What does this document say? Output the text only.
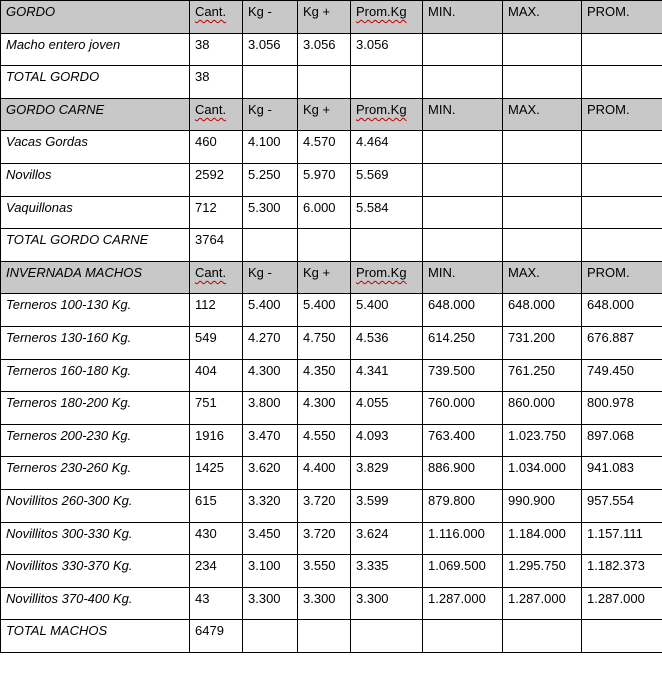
GORDO	Cant.	Kg -	Kg +	Prom.Kg	MIN.	MAX.	PROM.
Macho entero joven	38	3.056	3.056	3.056			
TOTAL GORDO	38						
GORDO CARNE	Cant.	Kg -	Kg +	Prom.Kg	MIN.	MAX.	PROM.
Vacas Gordas	460	4.100	4.570	4.464			
Novillos	2592	5.250	5.970	5.569			
Vaquillonas	712	5.300	6.000	5.584			
TOTAL GORDO CARNE	3764						
INVERNADA MACHOS	Cant.	Kg -	Kg +	Prom.Kg	MIN.	MAX.	PROM.
Terneros 100-130 Kg.	112	5.400	5.400	5.400	648.000	648.000	648.000
Terneros 130-160 Kg.	549	4.270	4.750	4.536	614.250	731.200	676.887
Terneros 160-180 Kg.	404	4.300	4.350	4.341	739.500	761.250	749.450
Terneros 180-200 Kg.	751	3.800	4.300	4.055	760.000	860.000	800.978
Terneros 200-230 Kg.	1916	3.470	4.550	4.093	763.400	1.023.750	897.068
Terneros 230-260 Kg.	1425	3.620	4.400	3.829	886.900	1.034.000	941.083
Novillitos 260-300 Kg.	615	3.320	3.720	3.599	879.800	990.900	957.554
Novillitos 300-330 Kg.	430	3.450	3.720	3.624	1.116.000	1.184.000	1.157.111
Novillitos 330-370 Kg.	234	3.100	3.550	3.335	1.069.500	1.295.750	1.182.373
Novillitos 370-400 Kg.	43	3.300	3.300	3.300	1.287.000	1.287.000	1.287.000
TOTAL MACHOS	6479						
